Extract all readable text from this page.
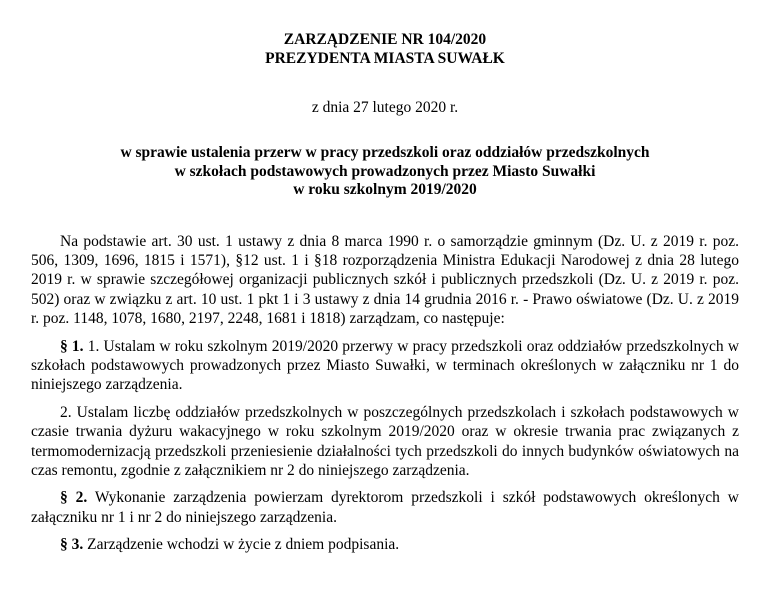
ZARZĄDZENIE NR 104/2020
PREZYDENTA MIASTA SUWAŁK
z dnia 27 lutego 2020 r.
w sprawie ustalenia przerw w pracy przedszkoli oraz oddziałów przedszkolnych
w szkołach podstawowych prowadzonych przez Miasto Suwałki
w roku szkolnym 2019/2020

Na podstawie art. 30 ust. 1 ustawy z dnia 8 marca 1990 r. o samorządzie gminnym (Dz. U. z 2019 r. poz. 506, 1309, 1696, 1815 i 1571), §12 ust. 1 i §18 rozporządzenia Ministra Edukacji Narodowej z dnia 28 lutego 2019 r. w sprawie szczegółowej organizacji publicznych szkół i publicznych przedszkoli (Dz. U. z 2019 r. poz. 502) oraz w związku z art. 10 ust. 1 pkt 1 i 3 ustawy z dnia 14 grudnia 2016 r. - Prawo oświatowe (Dz. U. z 2019 r. poz. 1148, 1078, 1680, 2197, 2248, 1681 i 1818) zarządzam, co następuje:

§ 1. 1. Ustalam w roku szkolnym 2019/2020 przerwy w pracy przedszkoli oraz oddziałów przedszkolnych w szkołach podstawowych prowadzonych przez Miasto Suwałki, w terminach określonych w załączniku nr 1 do niniejszego zarządzenia.

2. Ustalam liczbę oddziałów przedszkolnych w poszczególnych przedszkolach i szkołach podstawowych w czasie trwania dyżuru wakacyjnego w roku szkolnym 2019/2020 oraz w okresie trwania prac związanych z termomodernizacją przedszkoli przeniesienie działalności tych przedszkoli do innych budynków oświatowych na czas remontu, zgodnie z załącznikiem nr 2 do niniejszego zarządzenia.

§ 2. Wykonanie zarządzenia powierzam dyrektorom przedszkoli i szkół podstawowych określonych w załączniku nr 1 i nr 2 do niniejszego zarządzenia.

§ 3. Zarządzenie wchodzi w życie z dniem podpisania.
